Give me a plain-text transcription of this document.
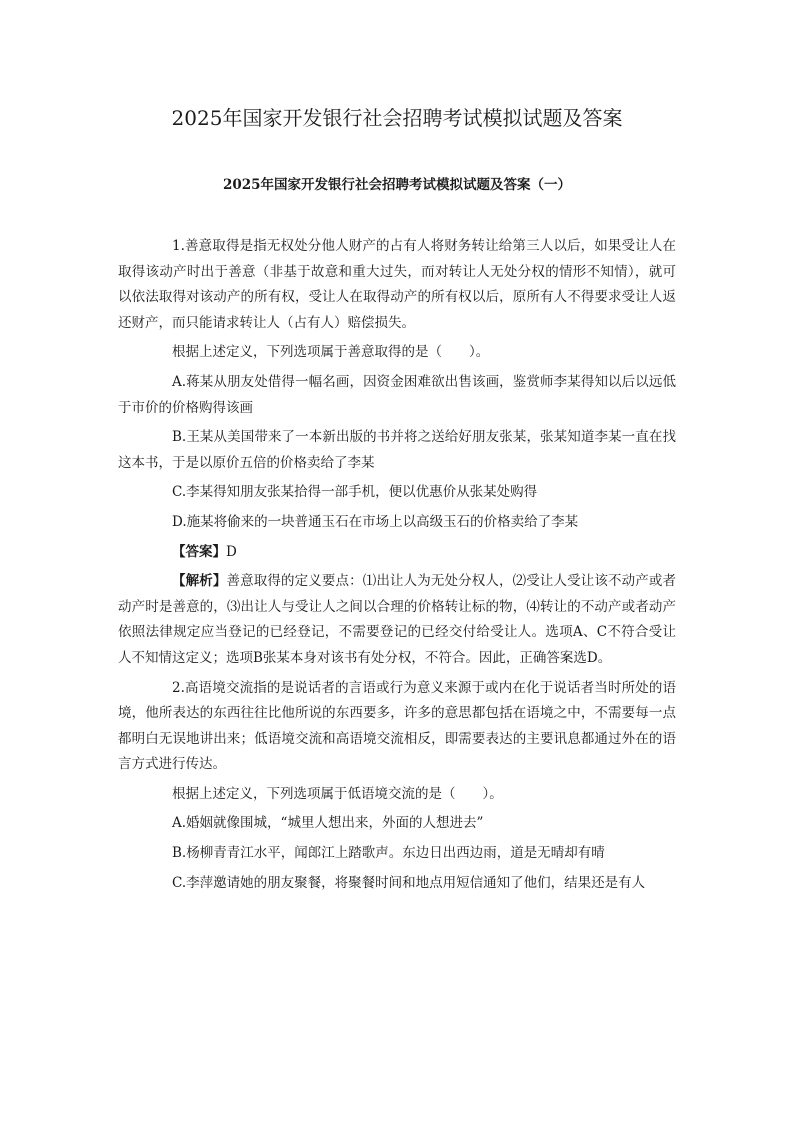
2025年国家开发银行社会招聘考试模拟试题及答案
2025年国家开发银行社会招聘考试模拟试题及答案（一）

1.善意取得是指无权处分他人财产的占有人将财务转让给第三人以后，如果受让人在取得该动产时出于善意（非基于故意和重大过失，而对转让人无处分权的情形不知情），就可以依法取得对该动产的所有权，受让人在取得动产的所有权以后，原所有人不得要求受让人返还财产，而只能请求转让人（占有人）赔偿损失。

根据上述定义，下列选项属于善意取得的是（　　）。

A.蒋某从朋友处借得一幅名画，因资金困难欲出售该画，鉴赏师李某得知以后以远低于市价的价格购得该画

B.王某从美国带来了一本新出版的书并将之送给好朋友张某，张某知道李某一直在找这本书，于是以原价五倍的价格卖给了李某

C.李某得知朋友张某拾得一部手机，便以优惠价从张某处购得

D.施某将偷来的一块普通玉石在市场上以高级玉石的价格卖给了李某

【答案】D

【解析】善意取得的定义要点：⑴出让人为无处分权人，⑵受让人受让该不动产或者动产时是善意的，⑶出让人与受让人之间以合理的价格转让标的物，⑷转让的不动产或者动产依照法律规定应当登记的已经登记，不需要登记的已经交付给受让人。选项A、C不符合受让人不知情这定义；选项B张某本身对该书有处分权，不符合。因此，正确答案选D。

2.高语境交流指的是说话者的言语或行为意义来源于或内在化于说话者当时所处的语境，他所表达的东西往往比他所说的东西要多，许多的意思都包括在语境之中，不需要每一点都明白无误地讲出来；低语境交流和高语境交流相反，即需要表达的主要讯息都通过外在的语言方式进行传达。

根据上述定义，下列选项属于低语境交流的是（　　）。

A.婚姻就像围城，“城里人想出来，外面的人想进去”

B.杨柳青青江水平，闻郎江上踏歌声。东边日出西边雨，道是无晴却有晴

C.李萍邀请她的朋友聚餐，将聚餐时间和地点用短信通知了他们，结果还是有人
